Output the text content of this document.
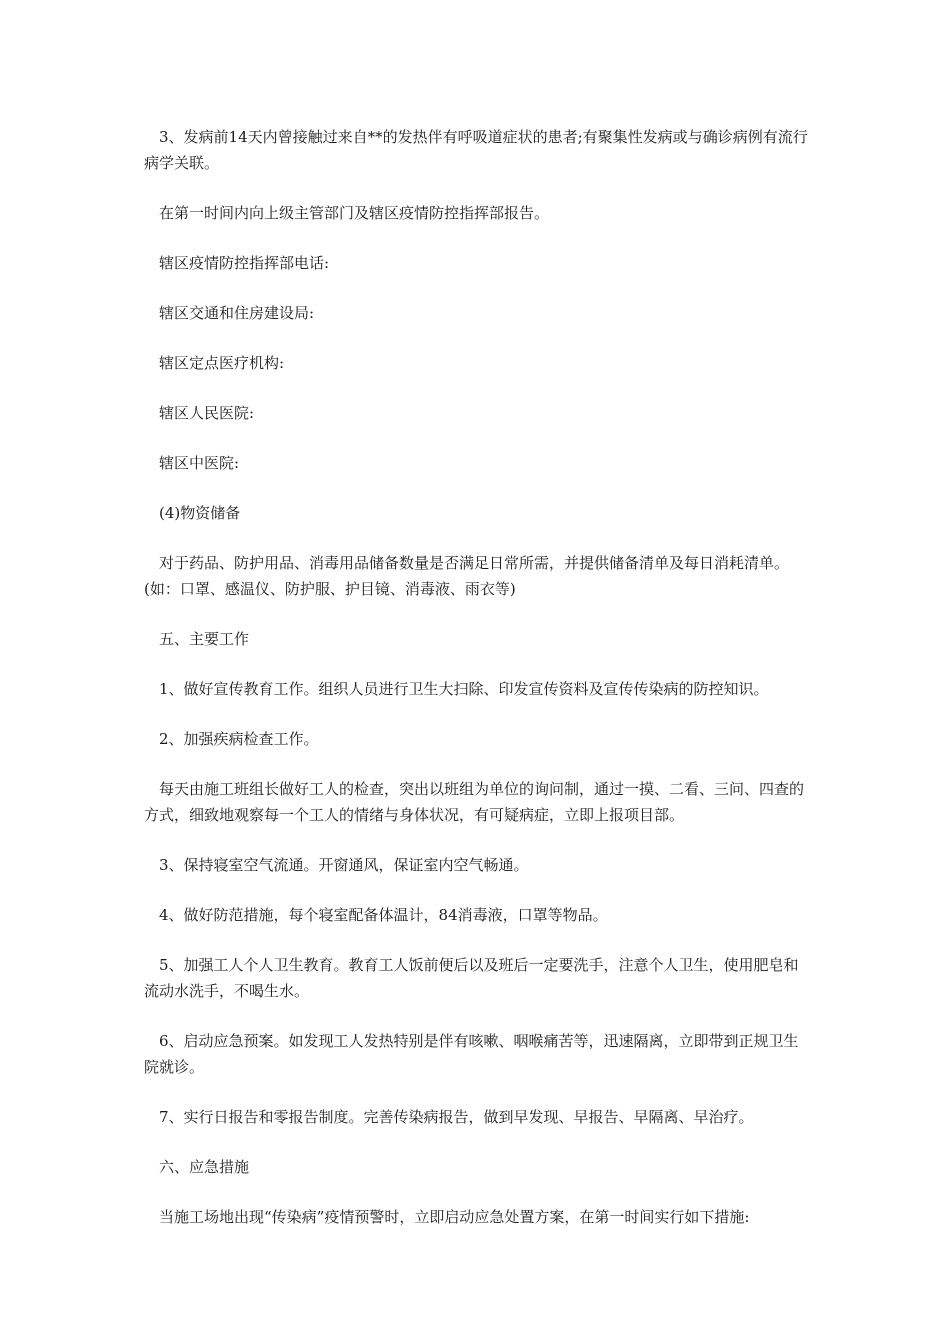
3、发病前14天内曾接触过来自**的发热伴有呼吸道症状的患者;有聚集性发病或与确诊病例有流行病学关联。

在第一时间内向上级主管部门及辖区疫情防控指挥部报告。

辖区疫情防控指挥部电话:

辖区交通和住房建设局:

辖区定点医疗机构:

辖区人民医院:

辖区中医院:

(4)物资储备

对于药品、防护用品、消毒用品储备数量是否满足日常所需，并提供储备清单及每日消耗清单。(如：口罩、感温仪、防护服、护目镜、消毒液、雨衣等)

五、主要工作

1、做好宣传教育工作。组织人员进行卫生大扫除、印发宣传资料及宣传传染病的防控知识。

2、加强疾病检查工作。

每天由施工班组长做好工人的检查，突出以班组为单位的询问制，通过一摸、二看、三问、四查的方式，细致地观察每一个工人的情绪与身体状况，有可疑病症，立即上报项目部。

3、保持寝室空气流通。开窗通风，保证室内空气畅通。

4、做好防范措施，每个寝室配备体温计，84消毒液，口罩等物品。

5、加强工人个人卫生教育。教育工人饭前便后以及班后一定要洗手，注意个人卫生，使用肥皂和流动水洗手，不喝生水。

6、启动应急预案。如发现工人发热特别是伴有咳嗽、咽喉痛苦等，迅速隔离，立即带到正规卫生院就诊。

7、实行日报告和零报告制度。完善传染病报告，做到早发现、早报告、早隔离、早治疗。

六、应急措施

当施工场地出现“传染病”疫情预警时，立即启动应急处置方案，在第一时间实行如下措施:
